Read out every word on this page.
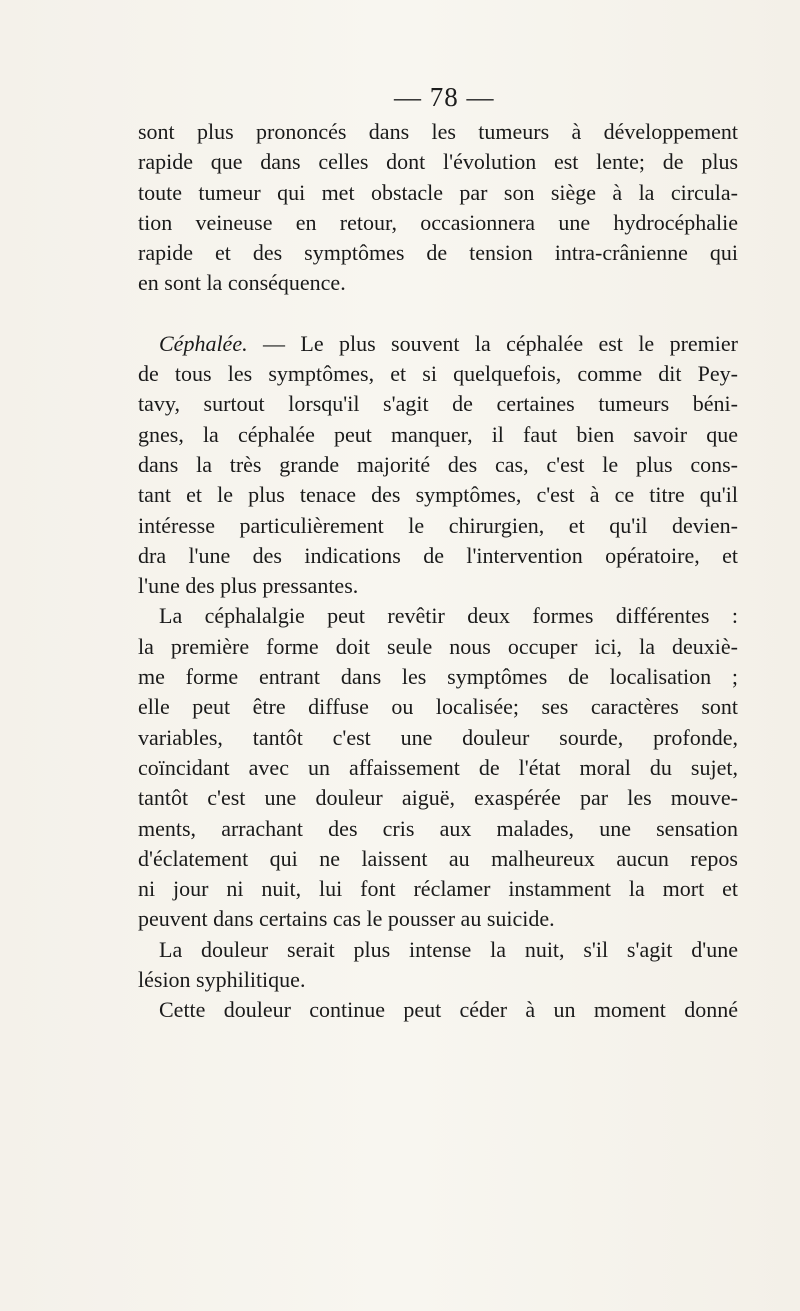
— 78 —
sont plus prononcés dans les tumeurs à développement
rapide que dans celles dont l'évolution est lente; de plus
toute tumeur qui met obstacle par son siège à la circula-
tion veineuse en retour, occasionnera une hydrocéphalie
rapide et des symptômes de tension intra-crânienne qui
en sont la conséquence.
Céphalée. — Le plus souvent la céphalée est le premier
de tous les symptômes, et si quelquefois, comme dit Pey-
tavy, surtout lorsqu'il s'agit de certaines tumeurs béni-
gnes, la céphalée peut manquer, il faut bien savoir que
dans la très grande majorité des cas, c'est le plus cons-
tant et le plus tenace des symptômes, c'est à ce titre qu'il
intéresse particulièrement le chirurgien, et qu'il devien-
dra l'une des indications de l'intervention opératoire, et
l'une des plus pressantes.
La céphalalgie peut revêtir deux formes différentes :
la première forme doit seule nous occuper ici, la deuxiè-
me forme entrant dans les symptômes de localisation ;
elle peut être diffuse ou localisée; ses caractères sont
variables, tantôt c'est une douleur sourde, profonde,
coïncidant avec un affaissement de l'état moral du sujet,
tantôt c'est une douleur aiguë, exaspérée par les mouve-
ments, arrachant des cris aux malades, une sensation
d'éclatement qui ne laissent au malheureux aucun repos
ni jour ni nuit, lui font réclamer instamment la mort et
peuvent dans certains cas le pousser au suicide.
La douleur serait plus intense la nuit, s'il s'agit d'une
lésion syphilitique.
Cette douleur continue peut céder à un moment donné
